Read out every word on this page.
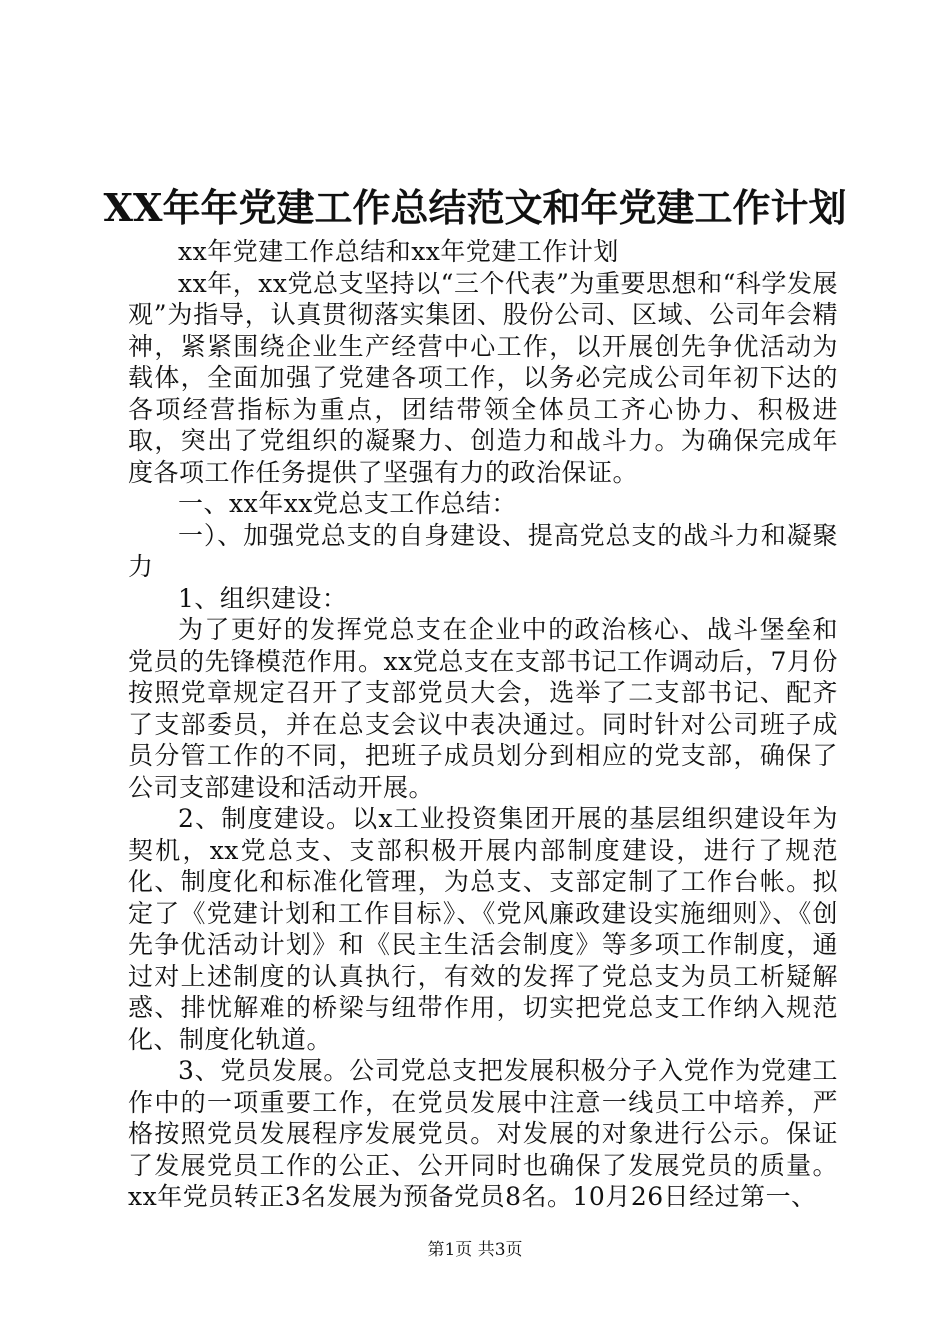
XX年年党建工作总结范文和年党建工作计划

xx年党建工作总结和xx年党建工作计划

xx年，xx党总支坚持以“三个代表”为重要思想和“科学发展观”为指导，认真贯彻落实集团、股份公司、区域、公司年会精神，紧紧围绕企业生产经营中心工作，以开展创先争优活动为载体，全面加强了党建各项工作，以务必完成公司年初下达的各项经营指标为重点，团结带领全体员工齐心协力、积极进取，突出了党组织的凝聚力、创造力和战斗力。为确保完成年度各项工作任务提供了坚强有力的政治保证。

一、xx年xx党总支工作总结：

一）、加强党总支的自身建设、提高党总支的战斗力和凝聚力

1、组织建设：

为了更好的发挥党总支在企业中的政治核心、战斗堡垒和党员的先锋模范作用。xx党总支在支部书记工作调动后，7月份按照党章规定召开了支部党员大会，选举了二支部书记、配齐了支部委员，并在总支会议中表决通过。同时针对公司班子成员分管工作的不同，把班子成员划分到相应的党支部，确保了公司支部建设和活动开展。

2、制度建设。以x工业投资集团开展的基层组织建设年为契机，xx党总支、支部积极开展内部制度建设，进行了规范化、制度化和标准化管理，为总支、支部定制了工作台帐。拟定了《党建计划和工作目标》、《党风廉政建设实施细则》、《创先争优活动计划》和《民主生活会制度》等多项工作制度，通过对上述制度的认真执行，有效的发挥了党总支为员工析疑解惑、排忧解难的桥梁与纽带作用，切实把党总支工作纳入规范化、制度化轨道。

3、党员发展。公司党总支把发展积极分子入党作为党建工作中的一项重要工作，在党员发展中注意一线员工中培养，严格按照党员发展程序发展党员。对发展的对象进行公示。保证了发展党员工作的公正、公开同时也确保了发展党员的质量。xx年党员转正3名发展为预备党员8名。10月26日经过第一、

第1页 共3页
